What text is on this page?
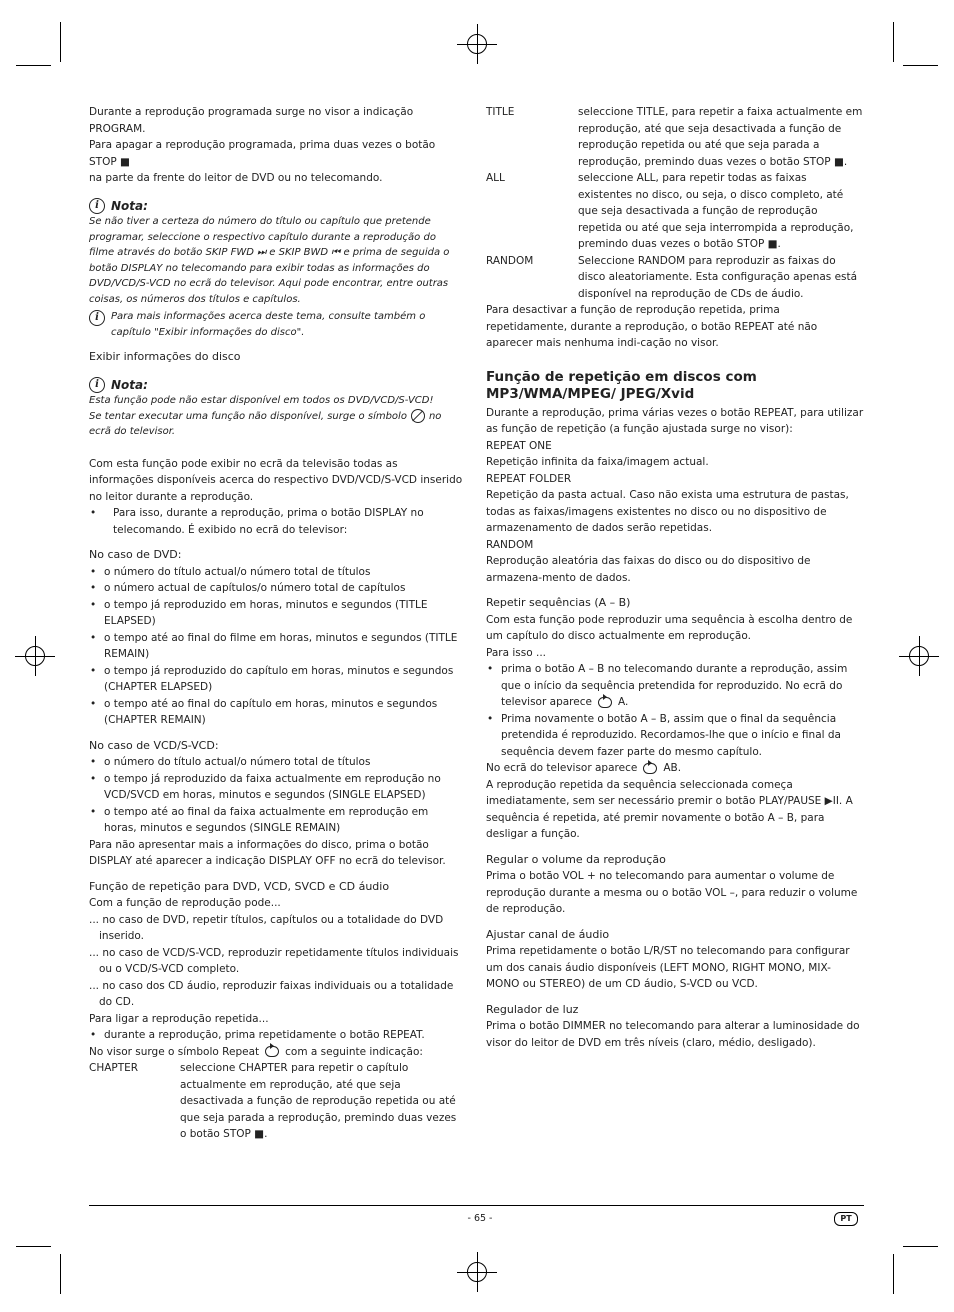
Durante a reprodução programada surge no visor a indicação PROGRAM.

Para apagar a reprodução programada, prima duas vezes o botão STOP ■

na parte da frente do leitor de DVD ou no telecomando.

i	Nota:

Se não tiver a certeza do número do título ou capítulo que pretende programar, seleccione o respectivo capítulo durante a reprodução do filme através do botão SKIP FWD ⏭ e SKIP BWD ⏮ e prima de seguida o botão DISPLAY no telecomando para exibir todas as informações do DVD/VCD/S-VCD no ecrã do televisor. Aqui pode encontrar, entre outras coisas, os números dos títulos e capítulos.

i	Para mais informações acerca deste tema, consulte também o capítulo "Exibir informações do disco".

Exibir informações do disco

i	Nota:

Esta função pode não estar disponível em todos os DVD/VCD/S-VCD!

Se tentar executar uma função não disponível, surge o símbolo no ecrã do televisor.

Com esta função pode exibir no ecrã da televisão todas as informações disponíveis acerca do respectivo DVD/VCD/S-VCD inserido no leitor durante a reprodução.

• Para isso, durante a reprodução, prima o botão DISPLAY no telecomando. É exibido no ecrã do televisor:

No caso de DVD:

• o número do título actual/o número total de títulos
• o número actual de capítulos/o número total de capítulos
• o tempo já reproduzido em horas, minutos e segundos (TITLE ELAPSED)
• o tempo até ao final do filme em horas, minutos e segundos (TITLE REMAIN)
• o tempo já reproduzido do capítulo em horas, minutos e segundos (CHAPTER ELAPSED)
• o tempo até ao final do capítulo em horas, minutos e segundos (CHAPTER REMAIN)

No caso de VCD/S-VCD:

• o número do título actual/o número total de títulos
• o tempo já reproduzido da faixa actualmente em reprodução no VCD/SVCD em horas, minutos e segundos (SINGLE ELAPSED)
• o tempo até ao final da faixa actualmente em reprodução em horas, minutos e segundos (SINGLE REMAIN)

Para não apresentar mais a informações do disco, prima o botão DISPLAY até aparecer a indicação DISPLAY OFF no ecrã do televisor.

Função de repetição para DVD, VCD, SVCD e CD áudio

Com a função de reprodução pode...

... no caso de DVD, repetir títulos, capítulos ou a totalidade do DVD inserido.

... no caso de VCD/S-VCD, reproduzir repetidamente títulos individuais ou o VCD/S-VCD completo.

... no caso dos CD áudio, reproduzir faixas individuais ou a totalidade do CD.

Para ligar a reprodução repetida...

• durante a reprodução, prima repetidamente o botão REPEAT.

No visor surge o símbolo Repeat com a seguinte indicação:

CHAPTER	seleccione CHAPTER para repetir o capítulo actualmente em reprodução, até que seja desactivada a função de reprodução repetida ou até que seja parada a reprodução, premindo duas vezes o botão STOP ■.
TITLE	seleccione TITLE, para repetir a faixa actualmente em reprodução, até que seja desactivada a função de reprodução repetida ou até que seja parada a reprodução, premindo duas vezes o botão STOP ■.
ALL	seleccione ALL, para repetir todas as faixas existentes no disco, ou seja, o disco completo, até que seja desactivada a função de reprodução repetida ou até que seja interrompida a reprodução, premindo duas vezes o botão STOP ■.
RANDOM	Seleccione RANDOM para reproduzir as faixas do disco aleatoriamente. Esta configuração apenas está disponível na reprodução de CDs de áudio.

Para desactivar a função de reprodução repetida, prima repetidamente, durante a reprodução, o botão REPEAT até não aparecer mais nenhuma indi-cação no visor.

Função de repetição em discos com MP3/WMA/MPEG/ JPEG/Xvid

Durante a reprodução, prima várias vezes o botão REPEAT, para utilizar as função de repetição (a função ajustada surge no visor):

REPEAT ONE

Repetição infinita da faixa/imagem actual.

REPEAT FOLDER

Repetição da pasta actual. Caso não exista uma estrutura de pastas, todas as faixas/imagens existentes no disco ou no dispositivo de armazenamento de dados serão repetidas.

RANDOM

Reprodução aleatória das faixas do disco ou do dispositivo de armazena-mento de dados.

Repetir sequências (A – B)

Com esta função pode reproduzir uma sequência à escolha dentro de um capítulo do disco actualmente em reprodução.

Para isso ...

• prima o botão A – B no telecomando durante a reprodução, assim que o início da sequência pretendida for reproduzido. No ecrã do televisor aparece A.
• Prima novamente o botão A – B, assim que o final da sequência pretendida é reproduzido. Recordamos-lhe que o início e final da sequência devem fazer parte do mesmo capítulo.

No ecrã do televisor aparece AB.

A reprodução repetida da sequência seleccionada começa imediatamente, sem ser necessário premir o botão PLAY/PAUSE ▶II. A sequência é repetida, até premir novamente o botão A – B, para desligar a função.

Regular o volume da reprodução

Prima o botão VOL + no telecomando para aumentar o volume de reprodução durante a mesma ou o botão VOL –, para reduzir o volume de reprodução.

Ajustar canal de áudio

Prima repetidamente o botão L/R/ST no telecomando para configurar um dos canais áudio disponíveis (LEFT MONO, RIGHT MONO, MIX-MONO ou STEREO) de um CD áudio, S-VCD ou VCD.

Regulador de luz

Prima o botão DIMMER no telecomando para alterar a luminosidade do visor do leitor de DVD em três níveis (claro, médio, desligado).

- 65 -	PT
